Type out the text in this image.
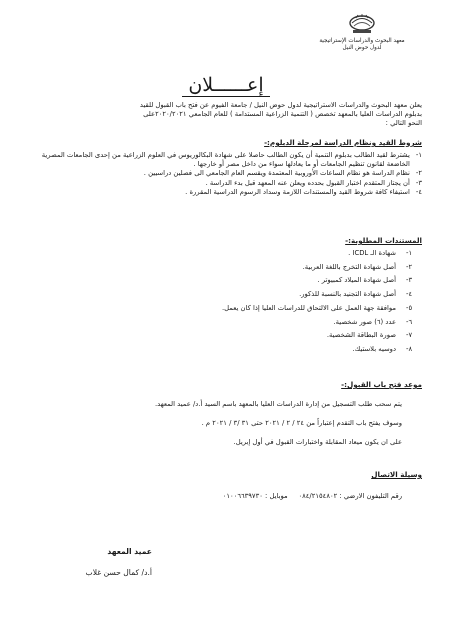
معهد البحوث والدراسات الإستراتيجية
لدول حوض النيل
إعــــــلان

يعلن معهد البحوث والدراسات الاستراتيجية لدول حوض النيل / جامعة الفيوم عن فتح باب القبول للقيد

بدبلوم الدراسات العليا بالمعهد تخصص ( التنمية الزراعية المستدامة ) للعام الجامعي ٢٠٢٠/٢٠٢١على

النحو التالي :

شروط القيد ونظام الدراسة لمرحلة الدبلوم:-
١-
يشترط لقيد الطالب بدبلوم التنمية أن يكون الطالب حاصلا على شهادة البكالوريوس في العلوم الزراعية من إحدى الجامعات المصرية الخاضعة لقانون تنظيم الجامعات أو ما يعادلها سواء من داخل مصر أو خارجها .
٢-
نظام الدراسة هو نظام الساعات الأوروبية المعتمدة ويقسم العام الجامعي الى فصلين دراسيين .
٣-
أن يجتاز المتقدم اختبار القبول بحدده ويعلن عنه المعهد قبل بدء الدراسة .
٤-
استيفاء كافة شروط القيد والمستندات اللازمة وسداد الرسوم الدراسية المقررة .
المستندات المطلوبة:-
١-
شهادة الـ ICDL .
٢-
أصل شهادة التخرج باللغة العربية.
٣-
أصل شهادة الميلاد كمبيوتر .
٤-
أصل شهادة التجنيد بالنسبة للذكور.
٥-
موافقة جهة العمل على الالتحاق للدراسات العليا إذا كان يعمل.
٦-
عدد (٦) صور شخصية.
٧-
صورة البطاقة الشخصية.
٨-
دوسيه بلاستيك.
موعد فتح باب القبول:-

يتم سحب طلب التسجيل من إدارة الدراسات العليا بالمعهد باسم السيد أ.د/ عميد المعهد.

وسوف يفتح باب التقدم إعتباراً من ٢٤ / ٢ / ٢٠٢١ حتى ٣١ /٣ / ٢٠٢١ م .

على ان يكون ميعاد المقابلة واختبارات القبول في أول إبريل.

وسيلة الاتصال
رقم التليفون الارضي : ٠٨٤/٢١٥٤٨٠٢     موبايل : ٠١٠٠٦٦٣٩٧٣٠
عميد المعهد
أ.د/ كمال حسن غلاب
